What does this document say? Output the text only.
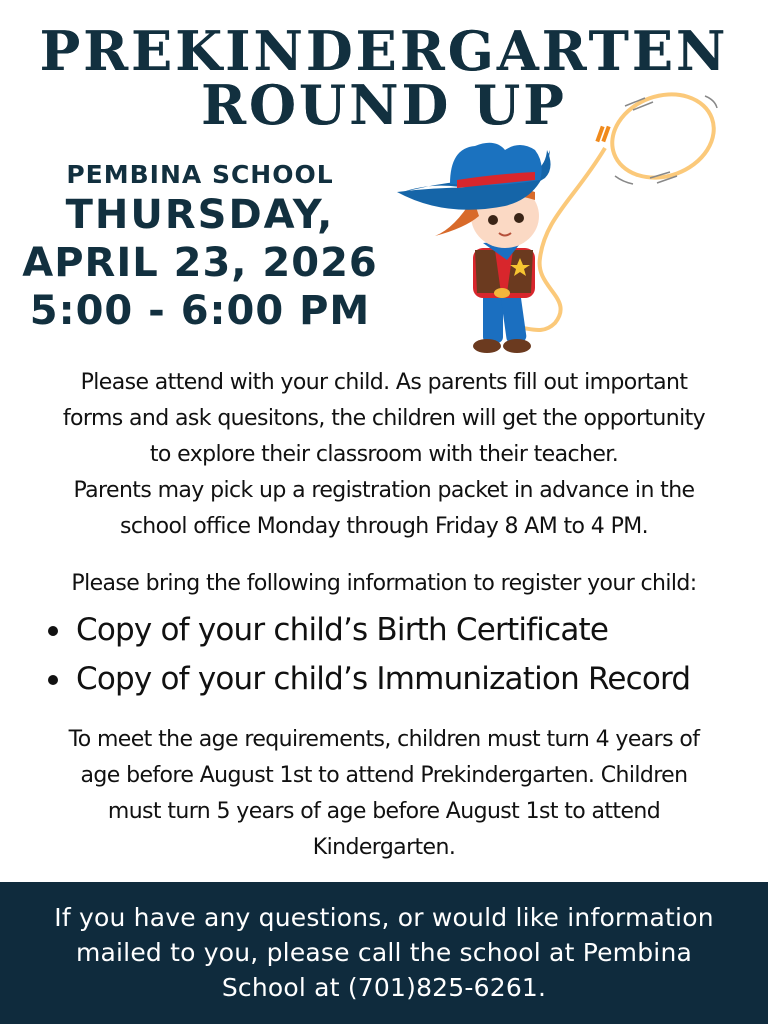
PREKINDERGARTEN
ROUND UP
PEMBINA SCHOOL
THURSDAY,
APRIL 23, 2026
5:00 - 6:00 PM
Please attend with your child. As parents fill out important
forms and ask quesitons, the children will get the opportunity
to explore their classroom with their teacher.
Parents may pick up a registration packet in advance in the
school office Monday through Friday 8 AM to 4 PM.
Please bring the following information to register your child:
Copy of your child’s Birth Certificate
Copy of your child’s Immunization Record
To meet the age requirements, children must turn 4 years of
age before August 1st to attend Prekindergarten. Children
must turn 5 years of age before August 1st to attend
Kindergarten.
If you have any questions, or would like information
mailed to you, please call the school at Pembina
School at (701)825-6261.
